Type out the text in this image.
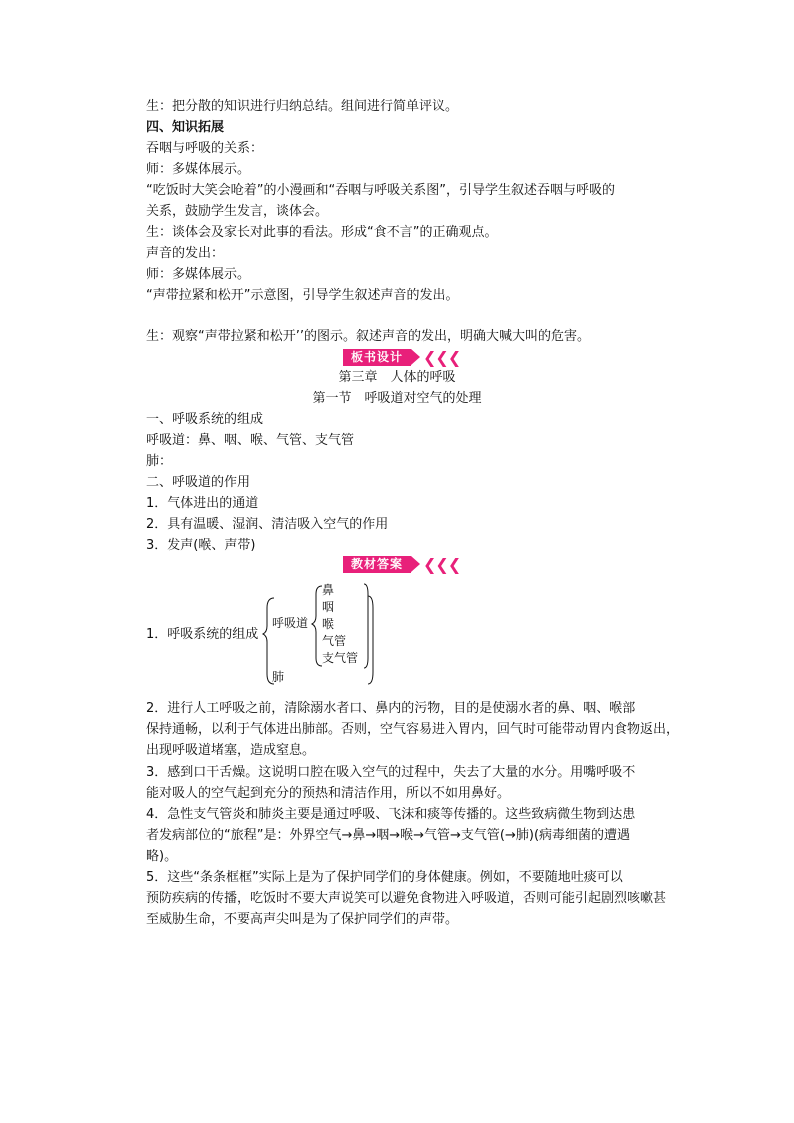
生：把分散的知识进行归纳总结。组间进行简单评议。
四、知识拓展
吞咽与呼吸的关系：
师：多媒体展示。
“吃饭时大笑会呛着”的小漫画和“吞咽与呼吸关系图”，引导学生叙述吞咽与呼吸的
关系，鼓励学生发言，谈体会。
生：谈体会及家长对此事的看法。形成“食不言”的正确观点。
声音的发出：
师：多媒体展示。
“声带拉紧和松开”示意图，引导学生叙述声音的发出。
生：观察“声带拉紧和松开’’的图示。叙述声音的发出，明确大喊大叫的危害。
板书设计	❮❮❮
第三章　人体的呼吸
第一节　呼吸道对空气的处理
一、呼吸系统的组成
呼吸道：鼻、咽、喉、气管、支气管
肺：
二、呼吸道的作用
1．气体进出的通道
2．具有温暖、湿润、清洁吸入空气的作用
3．发声(喉、声带)
教材答案	❮❮❮
1．呼吸系统的组成
呼吸道
肺
鼻
咽
喉
气管
支气管
2．进行人工呼吸之前，清除溺水者口、鼻内的污物，目的是使溺水者的鼻、咽、喉部
保持通畅，以利于气体进出肺部。否则，空气容易进入胃内，回气时可能带动胃内食物返出，
出现呼吸道堵塞，造成窒息。
3．感到口干舌燥。这说明口腔在吸入空气的过程中，失去了大量的水分。用嘴呼吸不
能对吸人的空气起到充分的预热和清洁作用，所以不如用鼻好。
4．急性支气管炎和肺炎主要是通过呼吸、飞沫和痰等传播的。这些致病微生物到达患
者发病部位的“旅程”是：外界空气→鼻→咽→喉→气管→支气管(→肺)(病毒细菌的遭遇
略)。
5．这些“条条框框”实际上是为了保护同学们的身体健康。例如，不要随地吐痰可以
预防疾病的传播，吃饭时不要大声说笑可以避免食物进入呼吸道，否则可能引起剧烈咳嗽甚
至威胁生命，不要高声尖叫是为了保护同学们的声带。
